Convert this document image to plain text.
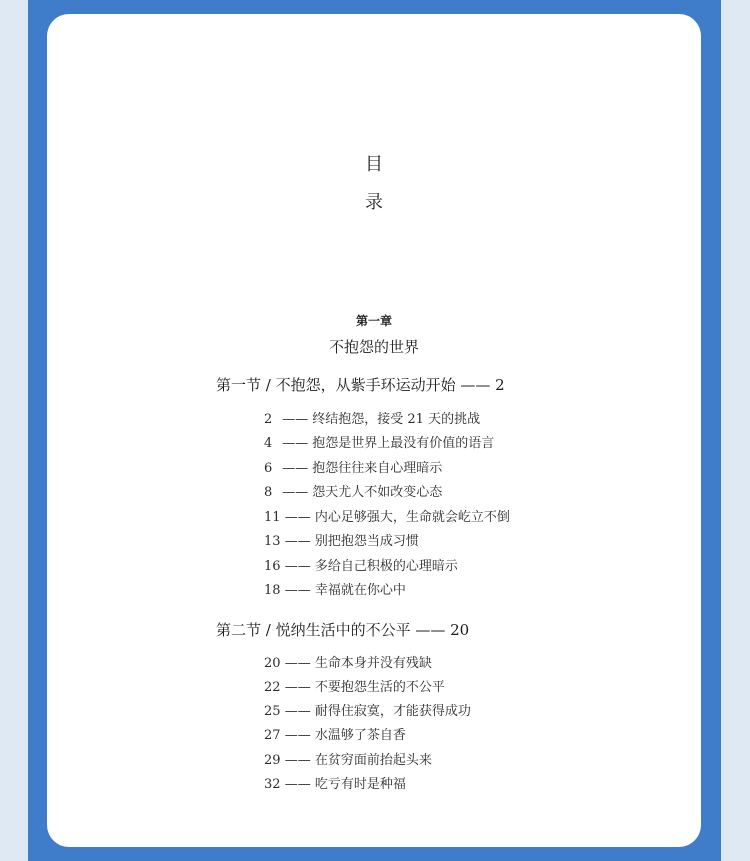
目
录
第一章
不抱怨的世界
第一节 / 不抱怨，从紫手环运动开始 —— 2
2 —— 终结抱怨，接受 21 天的挑战
4 —— 抱怨是世界上最没有价值的语言
6 —— 抱怨往往来自心理暗示
8 —— 怨天尤人不如改变心态
11 —— 内心足够强大，生命就会屹立不倒
13 —— 别把抱怨当成习惯
16 —— 多给自己积极的心理暗示
18 —— 幸福就在你心中
第二节 / 悦纳生活中的不公平 —— 20
20 —— 生命本身并没有残缺
22 —— 不要抱怨生活的不公平
25 —— 耐得住寂寞，才能获得成功
27 —— 水温够了茶自香
29 —— 在贫穷面前抬起头来
32 —— 吃亏有时是种福
